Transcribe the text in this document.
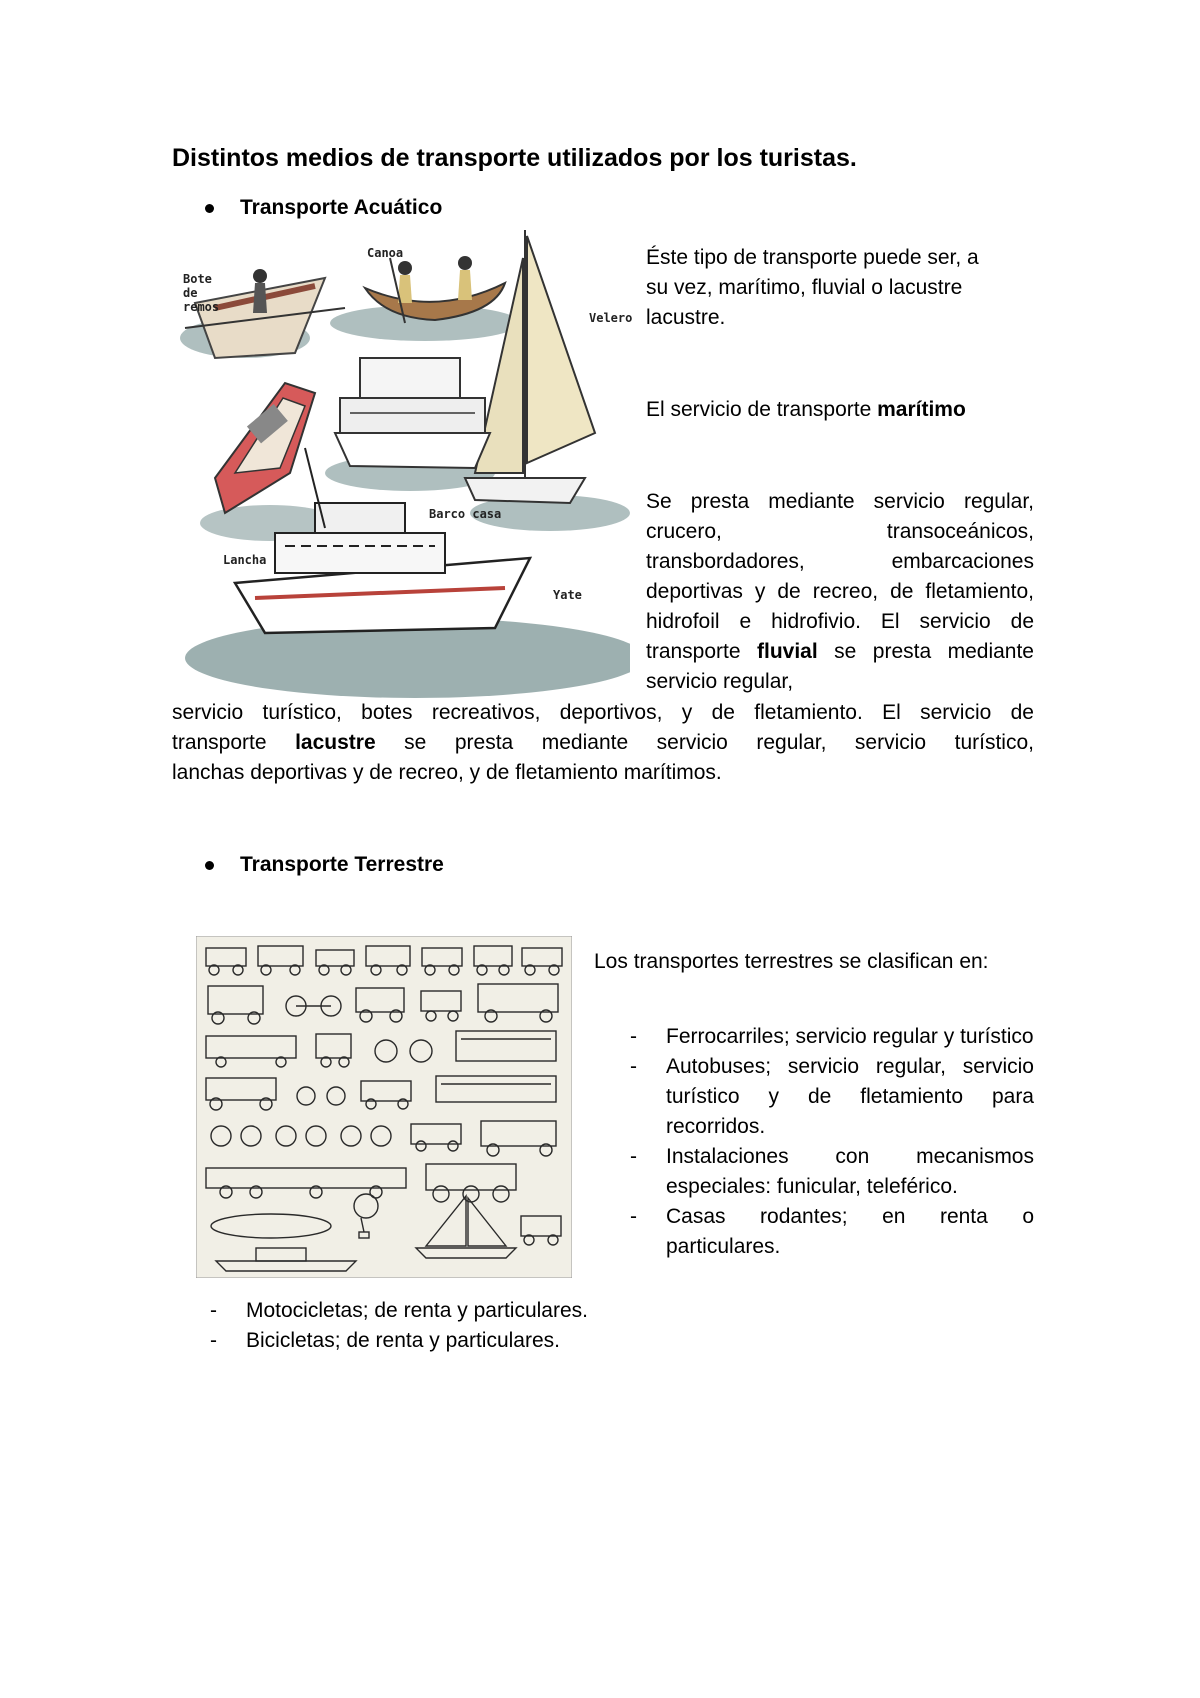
Distintos medios de transporte utilizados por los turistas.
Transporte Acuático
Bote de remos
Canoa
Velero
Lancha
Barco casa
Yate
Éste tipo de transporte puede ser, a
su vez, marítimo, fluvial o lacustre
lacustre.
El servicio de transporte marítimo
Se presta mediante servicio regular, crucero, transoceánicos, transbordadores, embarcaciones deportivas y de recreo, de fletamiento, hidrofoil e hidrofivio. El servicio de transporte fluvial se presta mediante servicio regular,
servicio turístico, botes recreativos, deportivos, y de fletamiento. El servicio de
transporte lacustre se presta mediante servicio regular, servicio turístico,
lanchas deportivas y de recreo, y de fletamiento marítimos.
Transporte Terrestre
Los transportes terrestres se clasifican en:
- Ferrocarriles; servicio regular y turístico
- Autobuses; servicio regular, servicio turístico y de fletamiento para recorridos.
- Instalaciones con mecanismos especiales: funicular, teleférico.
- Casas rodantes; en renta o particulares.
- Motocicletas; de renta y particulares.
- Bicicletas; de renta y particulares.
